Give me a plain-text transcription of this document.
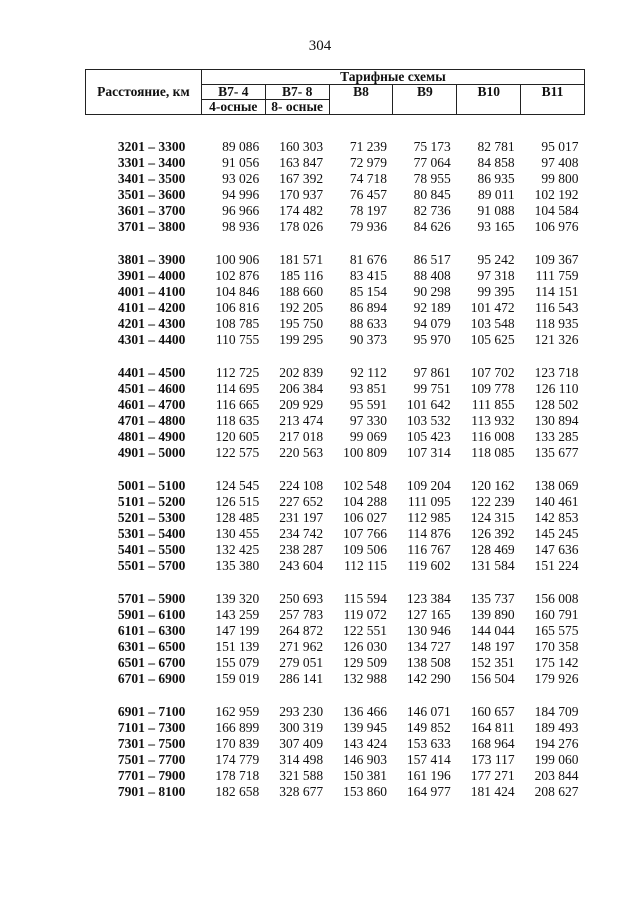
304
Расстояние, км	Тарифные схемы					
	В7- 4	В7- 8	В8	В9	В10	В11
	4-осные	8- осные				

3201 – 3300	89 086	160 303	71 239	75 173	82 781	95 017
3301 – 3400	91 056	163 847	72 979	77 064	84 858	97 408
3401 – 3500	93 026	167 392	74 718	78 955	86 935	99 800
3501 – 3600	94 996	170 937	76 457	80 845	89 011	102 192
3601 – 3700	96 966	174 482	78 197	82 736	91 088	104 584
3701 – 3800	98 936	178 026	79 936	84 626	93 165	106 976

3801 – 3900	100 906	181 571	81 676	86 517	95 242	109 367
3901 – 4000	102 876	185 116	83 415	88 408	97 318	111 759
4001 – 4100	104 846	188 660	85 154	90 298	99 395	114 151
4101 – 4200	106 816	192 205	86 894	92 189	101 472	116 543
4201 – 4300	108 785	195 750	88 633	94 079	103 548	118 935
4301 – 4400	110 755	199 295	90 373	95 970	105 625	121 326

4401 – 4500	112 725	202 839	92 112	97 861	107 702	123 718
4501 – 4600	114 695	206 384	93 851	99 751	109 778	126 110
4601 – 4700	116 665	209 929	95 591	101 642	111 855	128 502
4701 – 4800	118 635	213 474	97 330	103 532	113 932	130 894
4801 – 4900	120 605	217 018	99 069	105 423	116 008	133 285
4901 – 5000	122 575	220 563	100 809	107 314	118 085	135 677

5001 – 5100	124 545	224 108	102 548	109 204	120 162	138 069
5101 – 5200	126 515	227 652	104 288	111 095	122 239	140 461
5201 – 5300	128 485	231 197	106 027	112 985	124 315	142 853
5301 – 5400	130 455	234 742	107 766	114 876	126 392	145 245
5401 – 5500	132 425	238 287	109 506	116 767	128 469	147 636
5501 – 5700	135 380	243 604	112 115	119 602	131 584	151 224

5701 – 5900	139 320	250 693	115 594	123 384	135 737	156 008
5901 – 6100	143 259	257 783	119 072	127 165	139 890	160 791
6101 – 6300	147 199	264 872	122 551	130 946	144 044	165 575
6301 – 6500	151 139	271 962	126 030	134 727	148 197	170 358
6501 – 6700	155 079	279 051	129 509	138 508	152 351	175 142
6701 – 6900	159 019	286 141	132 988	142 290	156 504	179 926

6901 – 7100	162 959	293 230	136 466	146 071	160 657	184 709
7101 – 7300	166 899	300 319	139 945	149 852	164 811	189 493
7301 – 7500	170 839	307 409	143 424	153 633	168 964	194 276
7501 – 7700	174 779	314 498	146 903	157 414	173 117	199 060
7701 – 7900	178 718	321 588	150 381	161 196	177 271	203 844
7901 – 8100	182 658	328 677	153 860	164 977	181 424	208 627
